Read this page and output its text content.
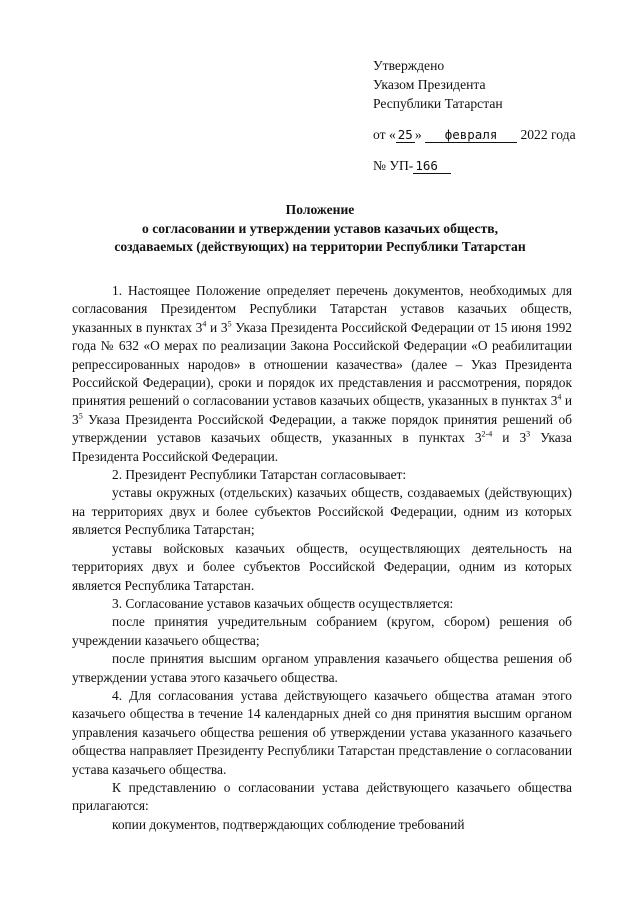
Утверждено
Указом Президента
Республики Татарстан
от « 25 » февраля 2022 года
№ УП- 166
Положение
о согласовании и утверждении уставов казачьих обществ,
создаваемых (действующих) на территории Республики Татарстан

1. Настоящее Положение определяет перечень документов, необходимых для согласования Президентом Республики Татарстан уставов казачьих обществ, указанных в пунктах $3^4$ и $3^5$ Указа Президента Российской Федерации от 15 июня 1992 года № 632 «О мерах по реализации Закона Российской Федерации «О реабилитации репрессированных народов» в отношении казачества» (далее – Указ Президента Российской Федерации), сроки и порядок их представления и рассмотрения, порядок принятия решений о согласовании уставов казачьих обществ, указанных в пунктах $3^4$ и $3^5$ Указа Президента Российской Федерации, а также порядок принятия решений об утверждении уставов казачьих обществ, указанных в пунктах 3$^{2-4}$ и $3^3$ Указа Президента Российской Федерации.

2. Президент Республики Татарстан согласовывает:

уставы окружных (отдельских) казачьих обществ, создаваемых (действующих) на территориях двух и более субъектов Российской Федерации, одним из которых является Республика Татарстан;

уставы войсковых казачьих обществ, осуществляющих деятельность на территориях двух и более субъектов Российской Федерации, одним из которых является Республика Татарстан.

3. Согласование уставов казачьих обществ осуществляется:

после принятия учредительным собранием (кругом, сбором) решения об учреждении казачьего общества;

после принятия высшим органом управления казачьего общества решения об утверждении устава этого казачьего общества.

4. Для согласования устава действующего казачьего общества атаман этого казачьего общества в течение 14 календарных дней со дня принятия высшим органом управления казачьего общества решения об утверждении устава указанного казачьего общества направляет Президенту Республики Татарстан представление о согласовании устава казачьего общества.

К представлению о согласовании устава действующего казачьего общества прилагаются:

копии документов, подтверждающих соблюдение требований
